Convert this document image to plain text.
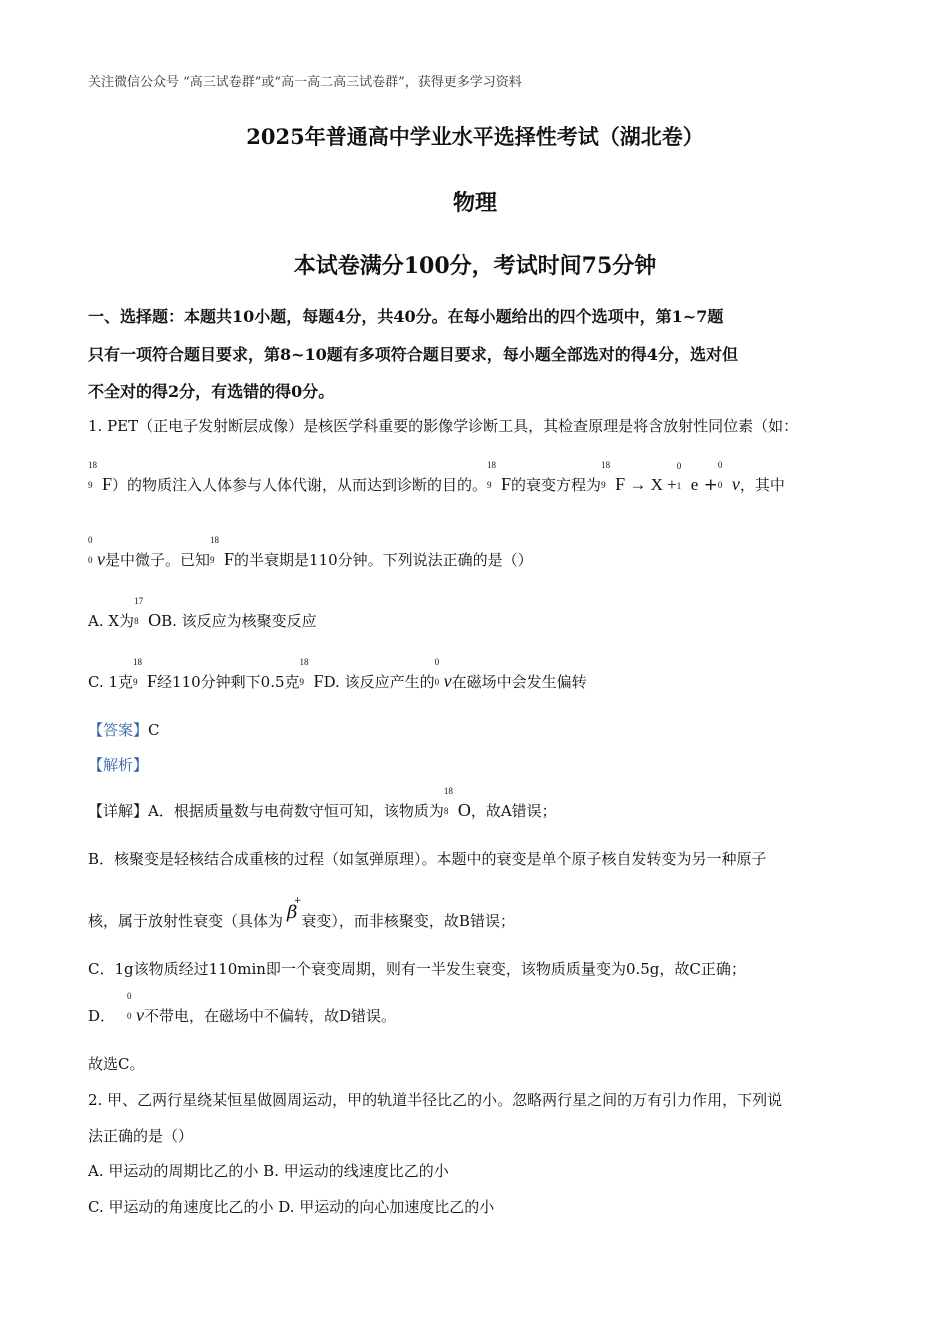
关注微信公众号 “高三试卷群”或“高一高二高三试卷群”，获得更多学习资料
2025年普通高中学业水平选择性考试（湖北卷）
物理
本试卷满分100分，考试时间75分钟
一、选择题：本题共10小题，每题4分，共40分。在每小题给出的四个选项中，第1~7题
只有一项符合题目要求，第8~10题有多项符合题目要求，每小题全部选对的得4分，选对但
不全对的得2分，有选错的得0分。
1. PET（正电子发射断层成像）是核医学科重要的影像学诊断工具，其检查原理是将含放射性同位素（如：
18
9 F）的物质注入人体参与人体代谢，从而达到诊断的目的。
18
9 F的衰变方程为
18
9 F → X +
0
1 e +
0
0 ν，其中
0
0 ν是中微子。已知
18
9 F的半衰期是110分钟。下列说法正确的是（）
A. X为
17
8 OB. 该反应为核聚变反应
C. 1克
18
9 F经110分钟剩下0.5克
18
9 FD. 该反应产生的
0
0 ν在磁场中会发生偏转
【答案】C
【解析】
【详解】A．根据质量数与电荷数守恒可知，该物质为
18
8 O，故A错误；
B．核聚变是轻核结合成重核的过程（如氢弹原理）。本题中的衰变是单个原子核自发转变为另一种原子
核，属于放射性衰变（具体为 β
+
衰变），而非核聚变，故B错误；
C．1g该物质经过110min即一个衰变周期，则有一半发生衰变，该物质质量变为0.5g，故C正确；
D．
0
0 ν不带电，在磁场中不偏转，故D错误。
故选C。
2. 甲、乙两行星绕某恒星做圆周运动，甲的轨道半径比乙的小。忽略两行星之间的万有引力作用，下列说
法正确的是（）
A. 甲运动的周期比乙的小 B. 甲运动的线速度比乙的小
C. 甲运动的角速度比乙的小 D. 甲运动的向心加速度比乙的小
